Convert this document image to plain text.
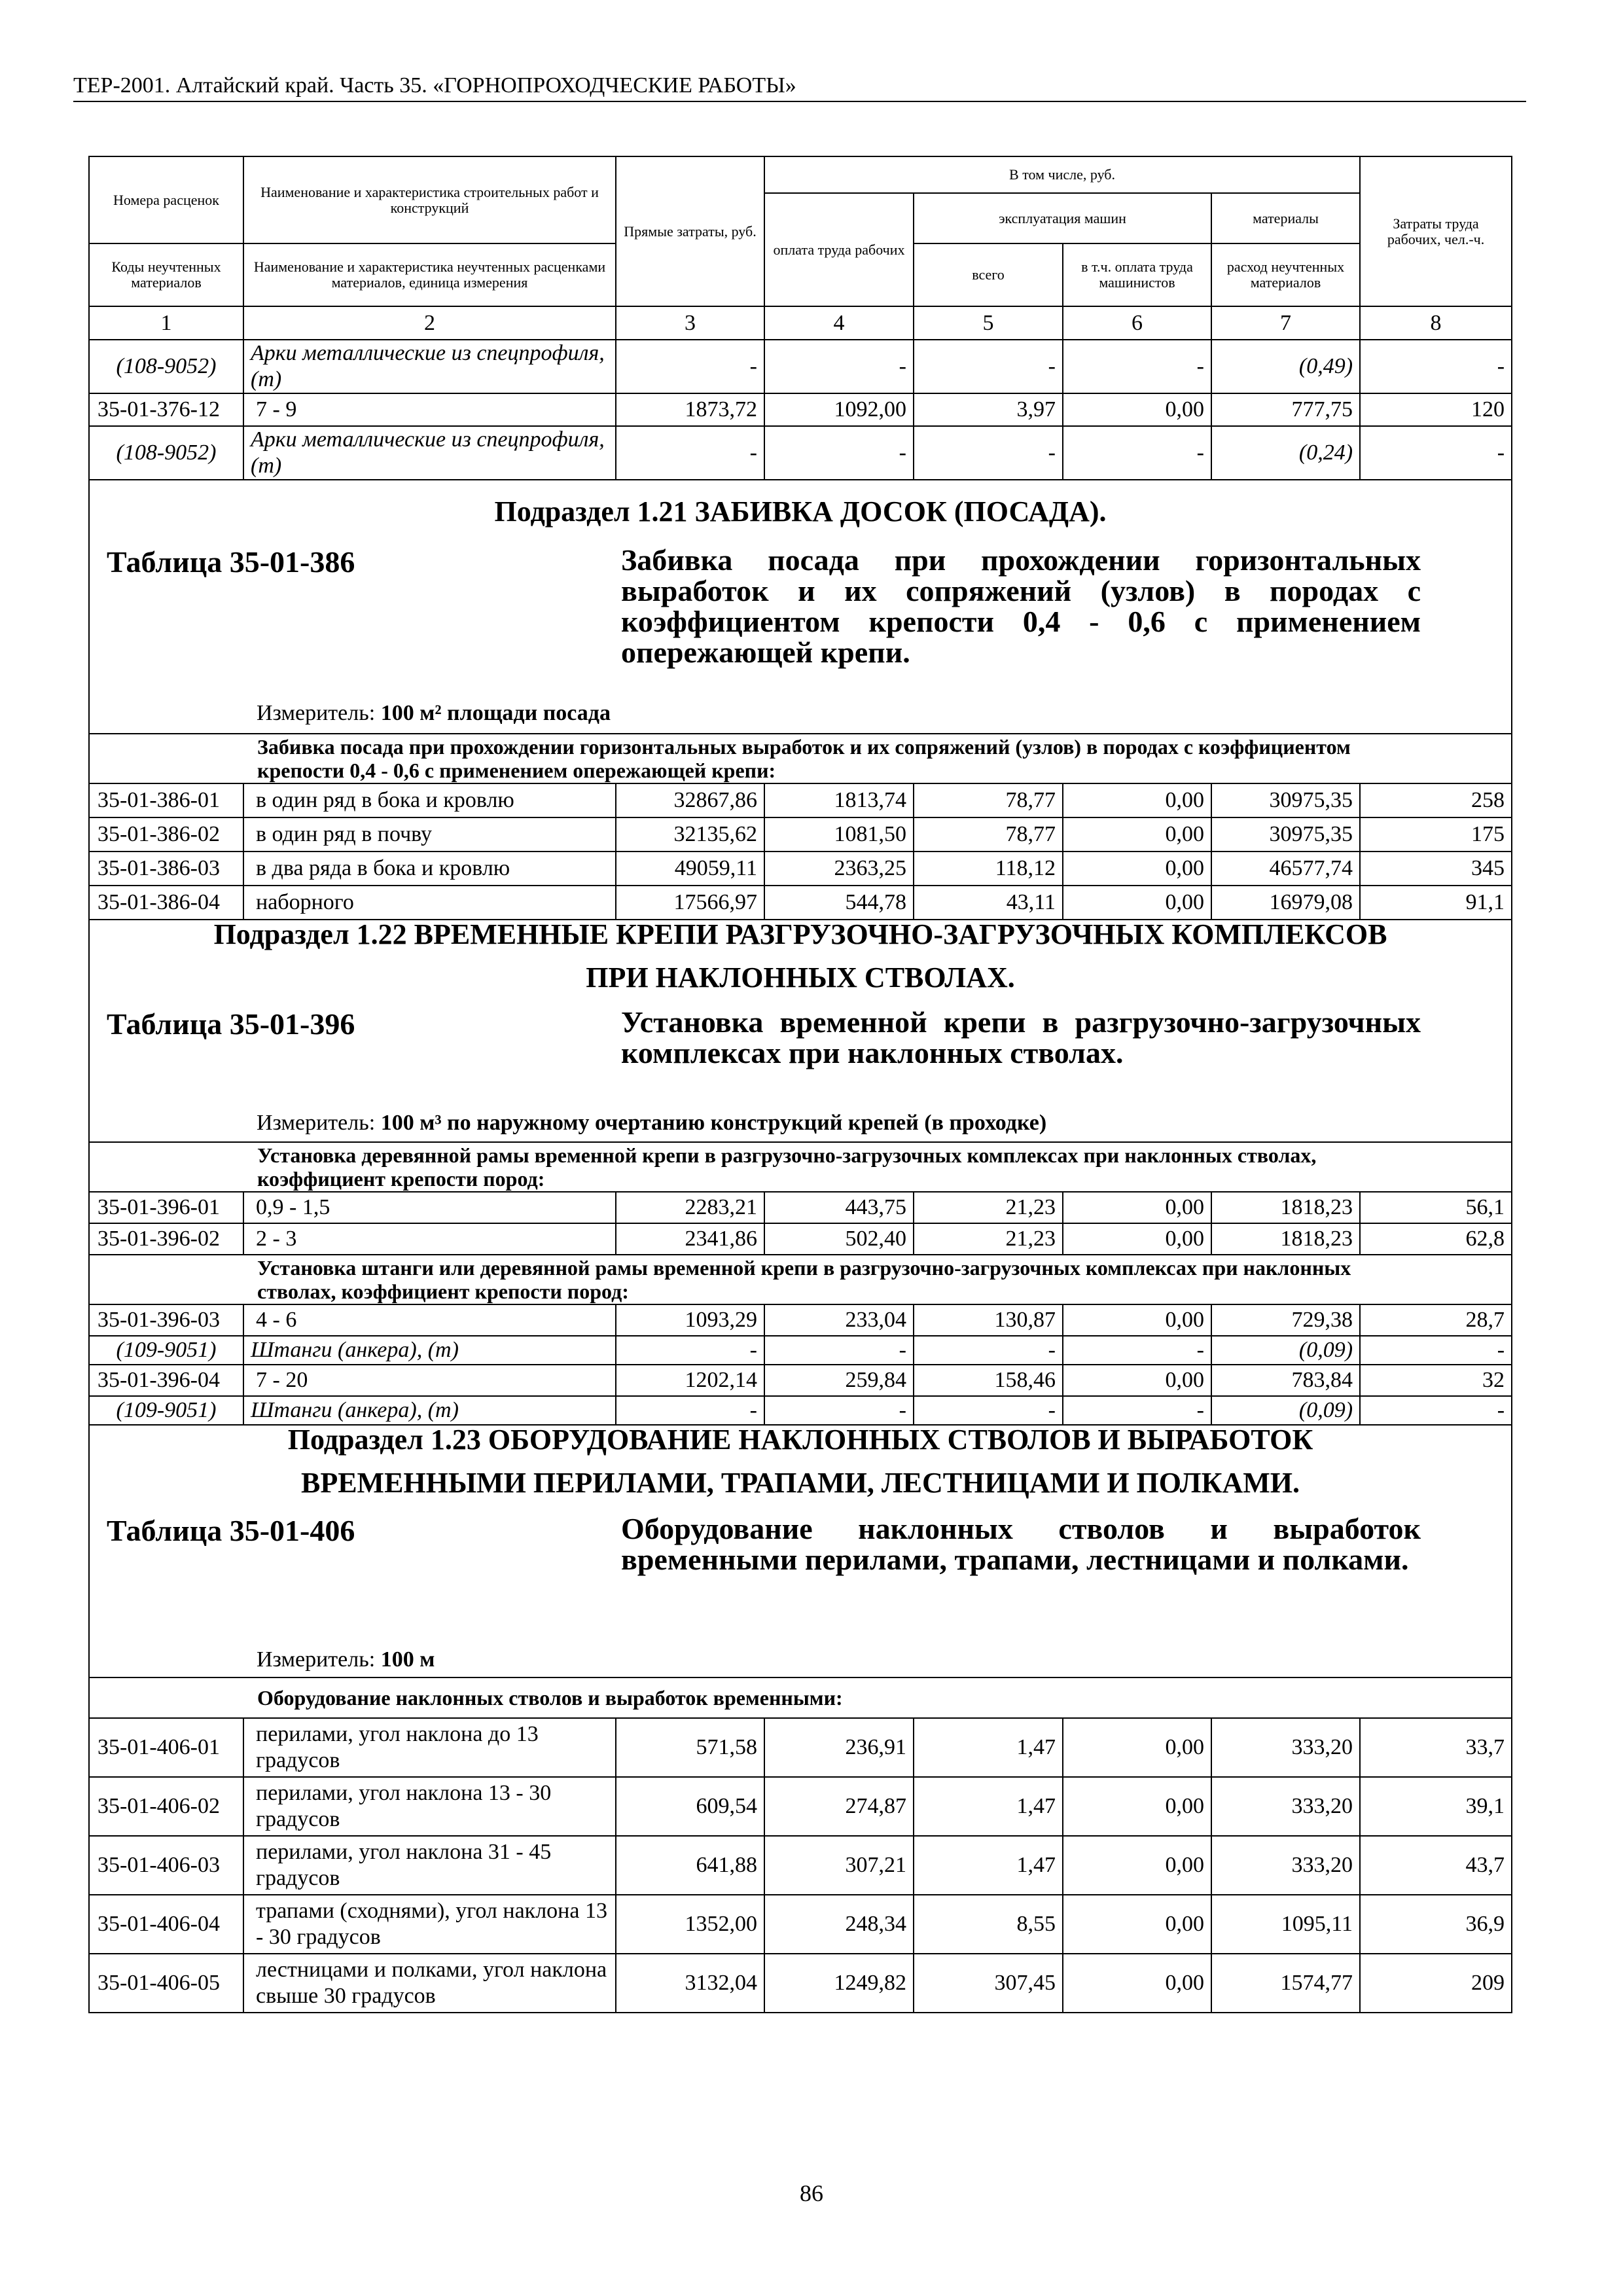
ТЕР-2001. Алтайский край. Часть 35. «ГОРНОПРОХОДЧЕСКИЕ РАБОТЫ»
Номера расценок	Наименование и характеристика строительных работ и конструкций	Прямые затраты, руб.	В том числе, руб.				Затраты труда рабочих, чел.-ч.
			оплата труда рабочих	эксплуатация машин		материалы	
Коды неучтенных материалов	Наименование и характеристика неучтенных расценками материалов, единица измерения			всего	в т.ч. оплата труда машинистов	расход неучтенных материалов	
1	2	3	4	5	6	7	8
(108-9052)	Арки металлические из спецпрофиля, (т)	-	-	-	-	(0,49)	-
35-01-376-12	7 - 9	1873,72	1092,00	3,97	0,00	777,75	120
(108-9052)	Арки металлические из спецпрофиля, (т)	-	-	-	-	(0,24)	-

Подраздел 1.21 ЗАБИВКА ДОСОК (ПОСАДА).
Таблица 35-01-386 Забивка посада при прохождении горизонтальных выработок и их сопряжений (узлов) в породах с коэффициентом крепости 0,4 - 0,6 с применением опережающей крепи.
Измеритель: 100 м² площади посада							

Забивка посада при прохождении горизонтальных выработок и их сопряжений (узлов) в породах с коэффициентом крепости 0,4 - 0,6 с применением опережающей крепи:							
35-01-386-01	в один ряд в бока и кровлю	32867,86	1813,74	78,77	0,00	30975,35	258
35-01-386-02	в один ряд в почву	32135,62	1081,50	78,77	0,00	30975,35	175
35-01-386-03	в два ряда в бока и кровлю	49059,11	2363,25	118,12	0,00	46577,74	345
35-01-386-04	наборного	17566,97	544,78	43,11	0,00	16979,08	91,1

Подраздел 1.22 ВРЕМЕННЫЕ КРЕПИ РАЗГРУЗОЧНО-ЗАГРУЗОЧНЫХ КОМПЛЕКСОВ
ПРИ НАКЛОННЫХ СТВОЛАХ.
Таблица 35-01-396 Установка временной крепи в разгрузочно-загрузочных комплексах при наклонных стволах.
Измеритель: 100 м³ по наружному очертанию конструкций крепей (в проходке)							

Установка деревянной рамы временной крепи в разгрузочно-загрузочных комплексах при наклонных стволах, коэффициент крепости пород:							
35-01-396-01	0,9 - 1,5	2283,21	443,75	21,23	0,00	1818,23	56,1
35-01-396-02	2 - 3	2341,86	502,40	21,23	0,00	1818,23	62,8
Установка штанги или деревянной рамы временной крепи в разгрузочно-загрузочных комплексах при наклонных стволах, коэффициент крепости пород:							
35-01-396-03	4 - 6	1093,29	233,04	130,87	0,00	729,38	28,7
(109-9051)	Штанги (анкера), (т)	-	-	-	-	(0,09)	-
35-01-396-04	7 - 20	1202,14	259,84	158,46	0,00	783,84	32
(109-9051)	Штанги (анкера), (т)	-	-	-	-	(0,09)	-

Подраздел 1.23 ОБОРУДОВАНИЕ НАКЛОННЫХ СТВОЛОВ И ВЫРАБОТОК
ВРЕМЕННЫМИ ПЕРИЛАМИ, ТРАПАМИ, ЛЕСТНИЦАМИ И ПОЛКАМИ.
Таблица 35-01-406 Оборудование наклонных стволов и выработок временными перилами, трапами, лестницами и полками.
Измеритель: 100 м							

Оборудование наклонных стволов и выработок временными:							
35-01-406-01	перилами, угол наклона до 13 градусов	571,58	236,91	1,47	0,00	333,20	33,7
35-01-406-02	перилами, угол наклона 13 - 30 градусов	609,54	274,87	1,47	0,00	333,20	39,1
35-01-406-03	перилами, угол наклона 31 - 45 градусов	641,88	307,21	1,47	0,00	333,20	43,7
35-01-406-04	трапами (сходнями), угол наклона 13 - 30 градусов	1352,00	248,34	8,55	0,00	1095,11	36,9
35-01-406-05	лестницами и полками, угол наклона свыше 30 градусов	3132,04	1249,82	307,45	0,00	1574,77	209
86
